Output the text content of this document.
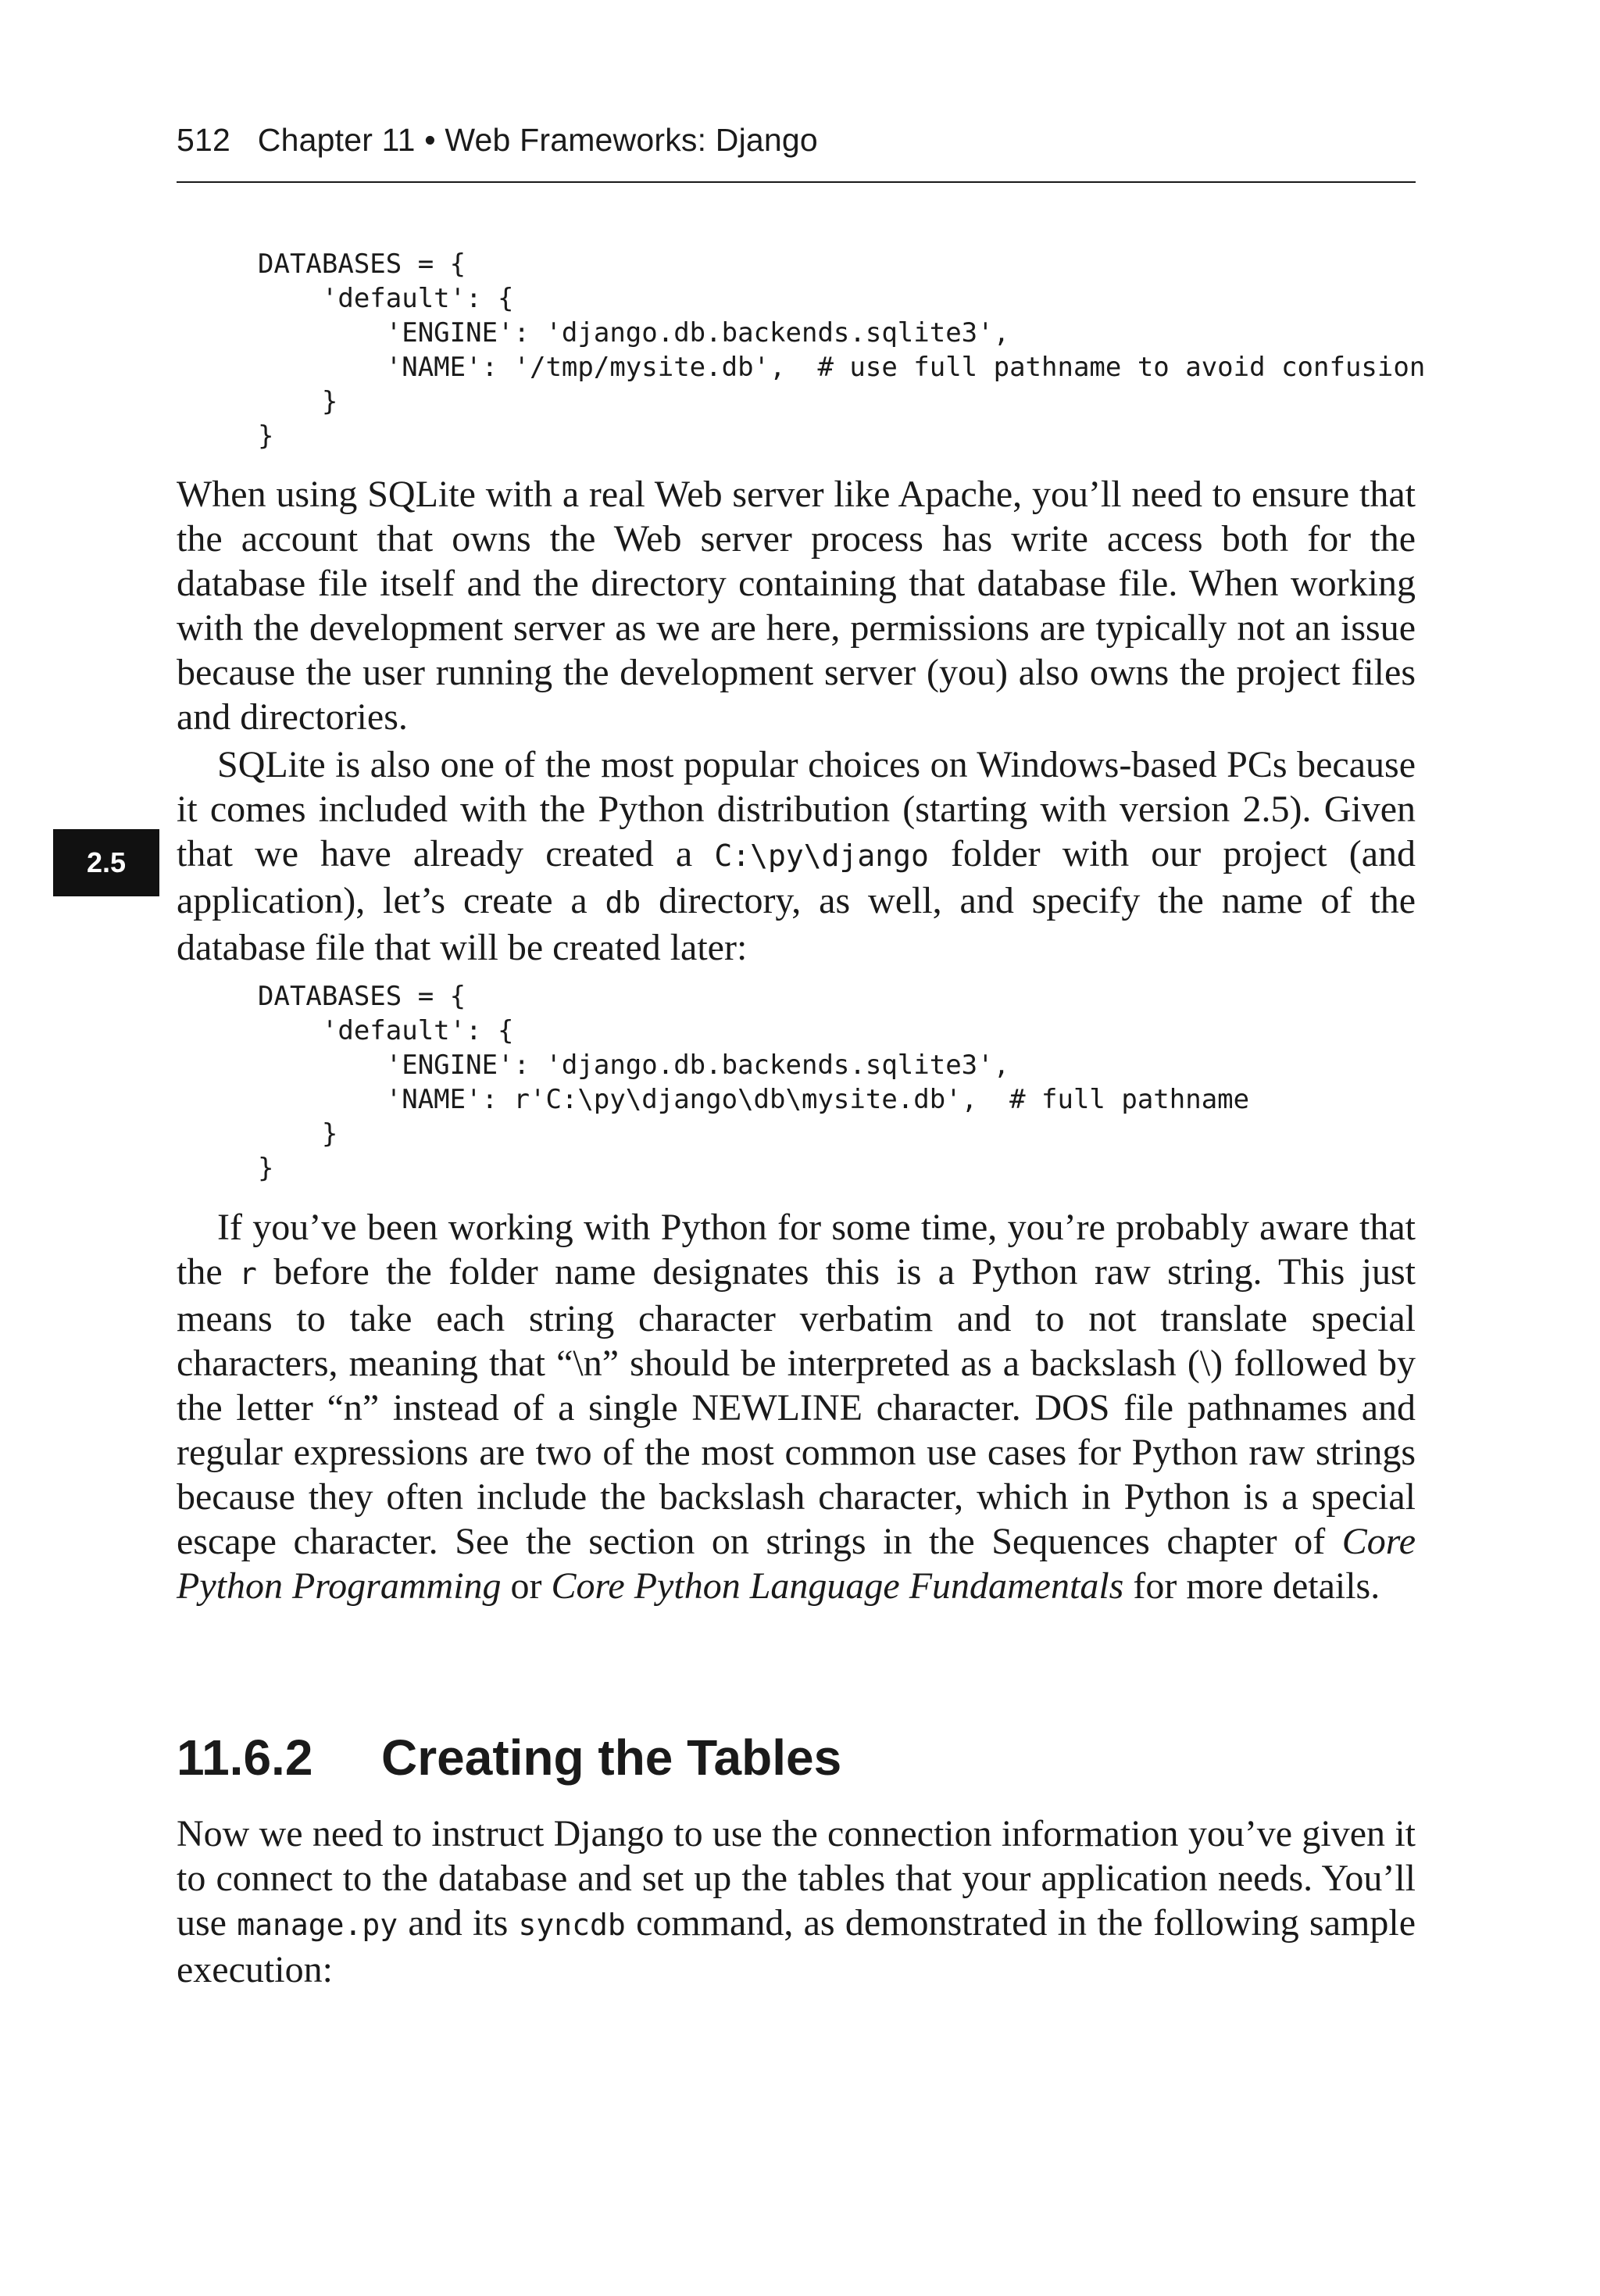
512 Chapter 11 • Web Frameworks: Django
DATABASES = {
'default': {
'ENGINE': 'django.db.backends.sqlite3',
'NAME': '/tmp/mysite.db',  # use full pathname to avoid confusion
}
}

When using SQLite with a real Web server like Apache, you’ll need to ensure that the account that owns the Web server process has write access both for the database file itself and the directory containing that database file. When working with the development server as we are here, permissions are typically not an issue because the user running the development server (you) also owns the project files and directories.

SQLite is also one of the most popular choices on Windows-based PCs because it comes included with the Python distribution (starting with version 2.5). Given that we have already created a C:\py\django folder with our project (and application), let’s create a db directory, as well, and specify the name of the database file that will be created later:

2.5
DATABASES = {
'default': {
'ENGINE': 'django.db.backends.sqlite3',
'NAME': r'C:\py\django\db\mysite.db',  # full pathname
}
}

If you’ve been working with Python for some time, you’re probably aware that the r before the folder name designates this is a Python raw string. This just means to take each string character verbatim and to not translate special characters, meaning that “\n” should be interpreted as a backslash (\) followed by the letter “n” instead of a single NEWLINE character. DOS file pathnames and regular expressions are two of the most common use cases for Python raw strings because they often include the backslash character, which in Python is a special escape character. See the section on strings in the Sequences chapter of Core Python Programming or Core Python Language Fundamentals for more details.

11.6.2 Creating the Tables

Now we need to instruct Django to use the connection information you’ve given it to connect to the database and set up the tables that your application needs. You’ll use manage.py and its syncdb command, as demonstrated in the following sample execution:
